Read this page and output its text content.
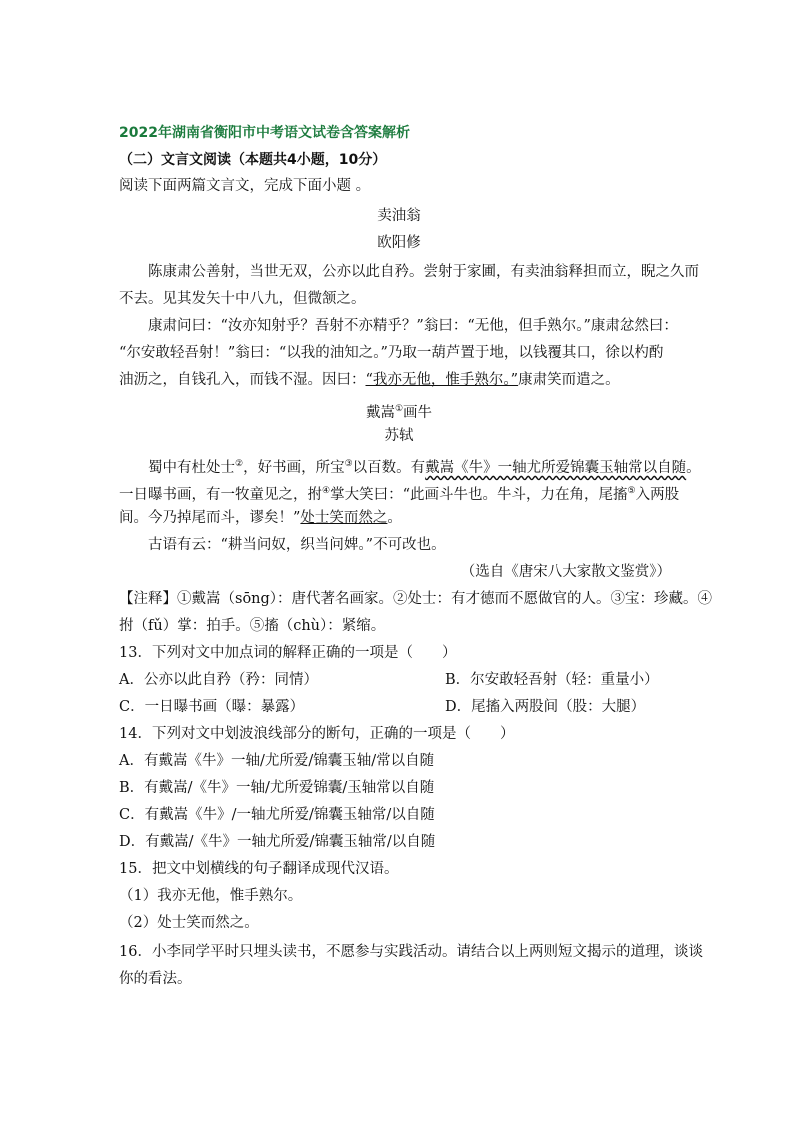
2022年湖南省衡阳市中考语文试卷含答案解析
（二）文言文阅读（本题共4小题，10分）
阅读下面两篇文言文，完成下面小题 。
卖油翁
欧阳修
陈康肃公善射，当世无双，公亦以此自矜。尝射于家圃，有卖油翁释担而立，睨之久而
不去。见其发矢十中八九，但微颔之。
康肃问曰：“汝亦知射乎？吾射不亦精乎？”翁曰：“无他，但手熟尔。”康肃忿然曰：
“尔安敢轻吾射！”翁曰：“以我的油知之。”乃取一葫芦置于地，以钱覆其口，徐以杓酌
油沥之，自钱孔入，而钱不湿。因曰：“我亦无他，惟手熟尔。”康肃笑而遣之。
戴嵩①画牛
苏轼
蜀中有杜处士②，好书画，所宝③以百数。有戴嵩《牛》一轴尤所爱锦囊玉轴常以自随。
一日曝书画，有一牧童见之，拊④掌大笑曰：“此画斗牛也。牛斗，力在角，尾搐⑤入两股
间。今乃掉尾而斗，谬矣！”处士笑而然之。
古语有云：“耕当问奴，织当问婢。”不可改也。
（选自《唐宋八大家散文鉴赏》）
【注释】①戴嵩（sōng）：唐代著名画家。②处士：有才德而不愿做官的人。③宝：珍藏。④
拊（fǔ）掌：拍手。⑤搐（chù）：紧缩。
13．下列对文中加点词的解释正确的一项是（　　）
A．公亦以此自矜（矜：同情）	B．尔安敢轻吾射（轻：重量小）
C．一日曝书画（曝：暴露）	D．尾搐入两股间（股：大腿）
14．下列对文中划波浪线部分的断句，正确的一项是（　　）
A．有戴嵩《牛》一轴/尤所爱/锦囊玉轴/常以自随
B．有戴嵩/《牛》一轴/尤所爱锦囊/玉轴常以自随
C．有戴嵩《牛》/一轴尤所爱/锦囊玉轴常/以自随
D．有戴嵩/《牛》一轴尤所爱/锦囊玉轴常/以自随
15．把文中划横线的句子翻译成现代汉语。
（1）我亦无他，惟手熟尔。
（2）处士笑而然之。
16．小李同学平时只埋头读书，不愿参与实践活动。请结合以上两则短文揭示的道理，谈谈
你的看法。
